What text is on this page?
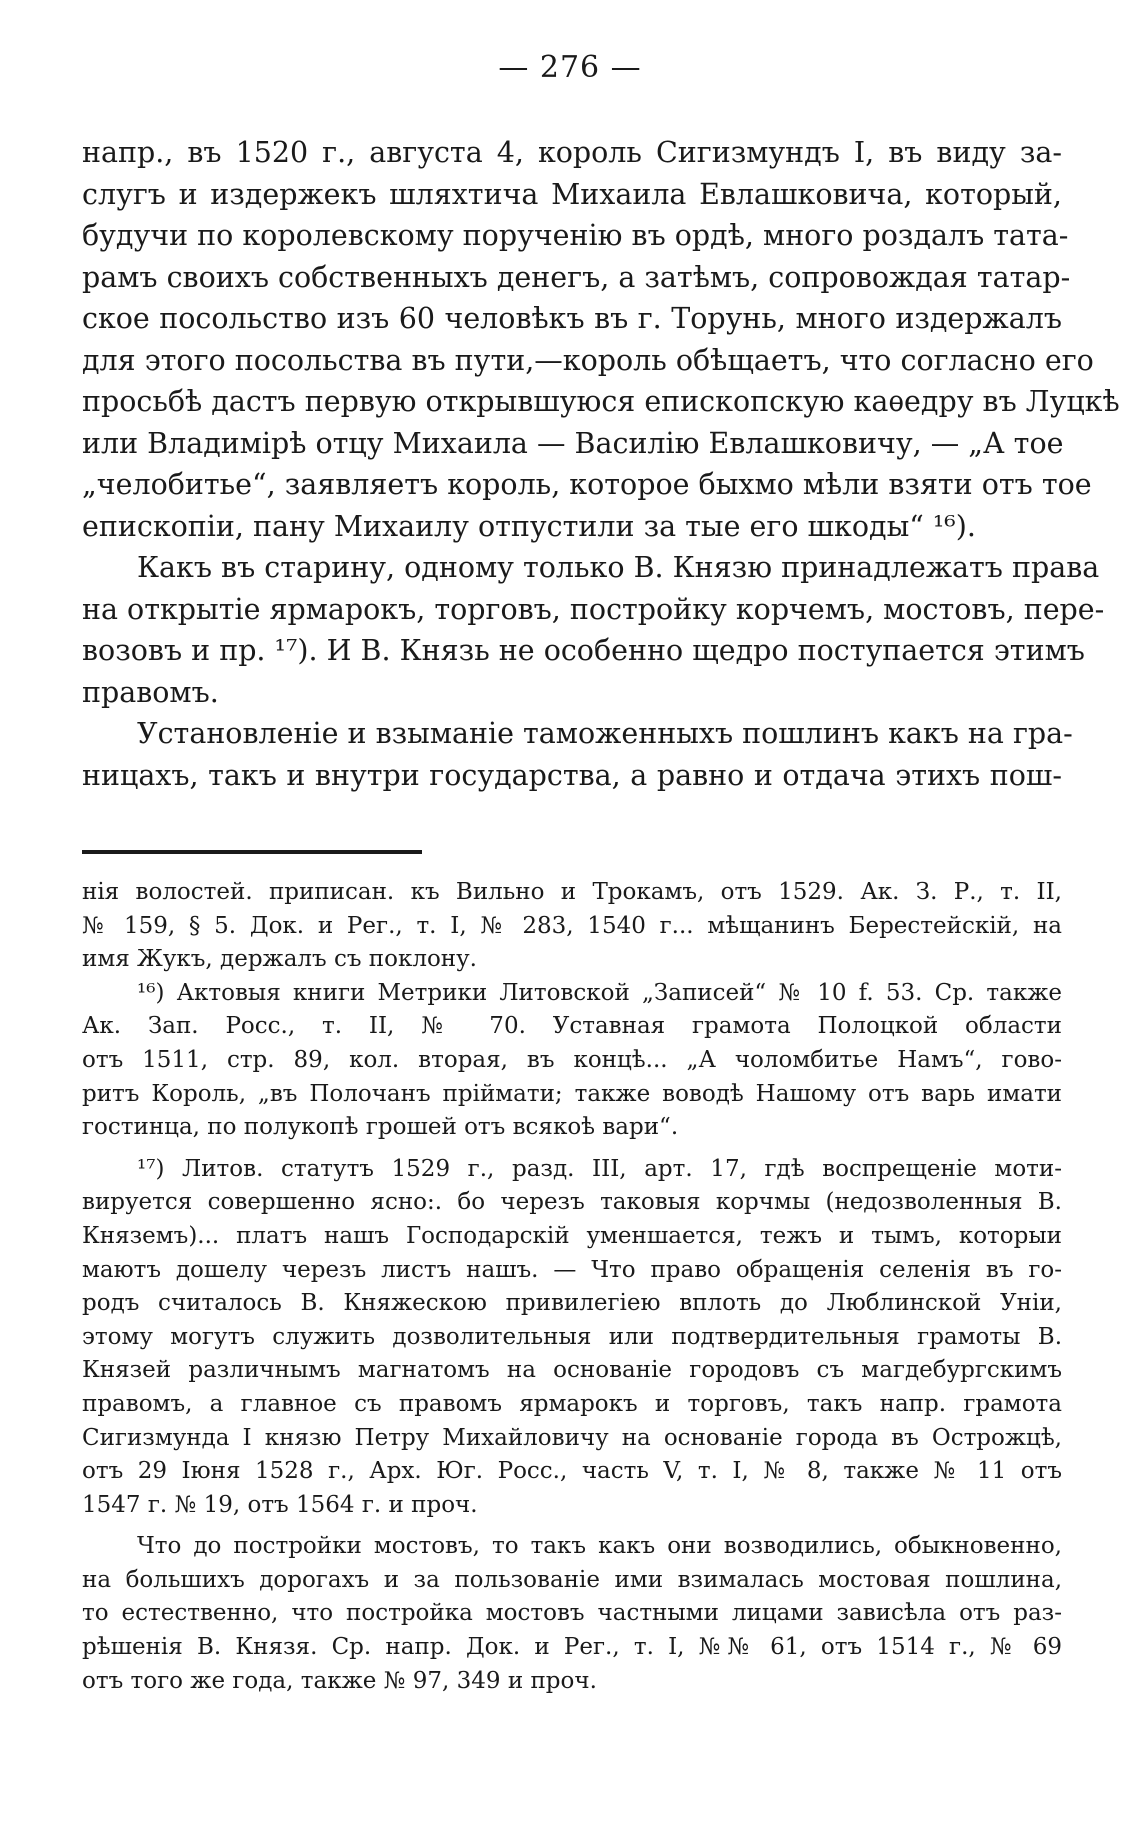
— 276 —
напр., въ 1520 г., августа 4, король Сигизмундъ I, въ виду за-
слугъ и издержекъ шляхтича Михаила Евлашковича, который,
будучи по королевскому порученію въ ордѣ, много роздалъ тата-
рамъ своихъ собственныхъ денегъ, а затѣмъ, сопровождая татар-
ское посольство изъ 60 человѣкъ въ г. Торунь, много издержалъ
для этого посольства въ пути,—король обѣщаетъ, что согласно его
просьбѣ дастъ первую открывшуюся епископскую каѳедру въ Луцкѣ
или Владимірѣ отцу Михаила — Василію Евлашковичу, — „А тое
„челобитье“, заявляетъ король, которое быхмо мѣли взяти отъ тое
епископіи, пану Михаилу отпустили за тые его шкоды“ ¹⁶).
Какъ въ старину, одному только В. Князю принадлежатъ права
на открытіе ярмарокъ, торговъ, постройку корчемъ, мостовъ, пере-
возовъ и пр. ¹⁷). И В. Князь не особенно щедро поступается этимъ
правомъ.
Установленіе и взыманіе таможенныхъ пошлинъ какъ на гра-
ницахъ, такъ и внутри государства, а равно и отдача этихъ пош-
нія волостей. приписан. къ Вильно и Трокамъ, отъ 1529. Ак. З. Р., т. II,
№ 159, § 5. Док. и Рег., т. I, № 283, 1540 г... мѣщанинъ Берестейскій, на
имя Жукъ, держалъ съ поклону.
¹⁶) Актовыя книги Метрики Литовской „Записей“ № 10 f. 53. Ср. также
Ак. Зап. Росс., т. II, № 70. Уставная грамота Полоцкой области
отъ 1511, стр. 89, кол. вторая, въ концѣ... „А чоломбитье Намъ“, гово-
ритъ Король, „въ Полочанъ пріймати; также воводѣ Нашому отъ варь имати
гостинца, по полукопѣ грошей отъ всякоѣ вари“.
¹⁷) Литов. статутъ 1529 г., разд. III, арт. 17, гдѣ воспрещеніе моти-
вируется совершенно ясно:. бо черезъ таковыя корчмы (недозволенныя В.
Княземъ)... платъ нашъ Господарскій уменшается, тежъ и тымъ, которыи
маютъ дошелу черезъ листъ нашъ. — Что право обращенія селенія въ го-
родъ считалось В. Княжескою привилегіею вплоть до Люблинской Уніи,
этому могутъ служить дозволительныя или подтвердительныя грамоты В.
Князей различнымъ магнатомъ на основаніе городовъ съ магдебургскимъ
правомъ, а главное съ правомъ ярмарокъ и торговъ, такъ напр. грамота
Сигизмунда I князю Петру Михайловичу на основаніе города въ Острожцѣ,
отъ 29 Іюня 1528 г., Арх. Юг. Росс., часть V, т. I, № 8, также № 11 отъ
1547 г. № 19, отъ 1564 г. и проч.
Что до постройки мостовъ, то такъ какъ они возводились, обыкновенно,
на большихъ дорогахъ и за пользованіе ими взималась мостовая пошлина,
то естественно, что постройка мостовъ частными лицами зависѣла отъ раз-
рѣшенія В. Князя. Ср. напр. Док. и Рег., т. I, №№ 61, отъ 1514 г., № 69
отъ того же года, также № 97, 349 и проч.
